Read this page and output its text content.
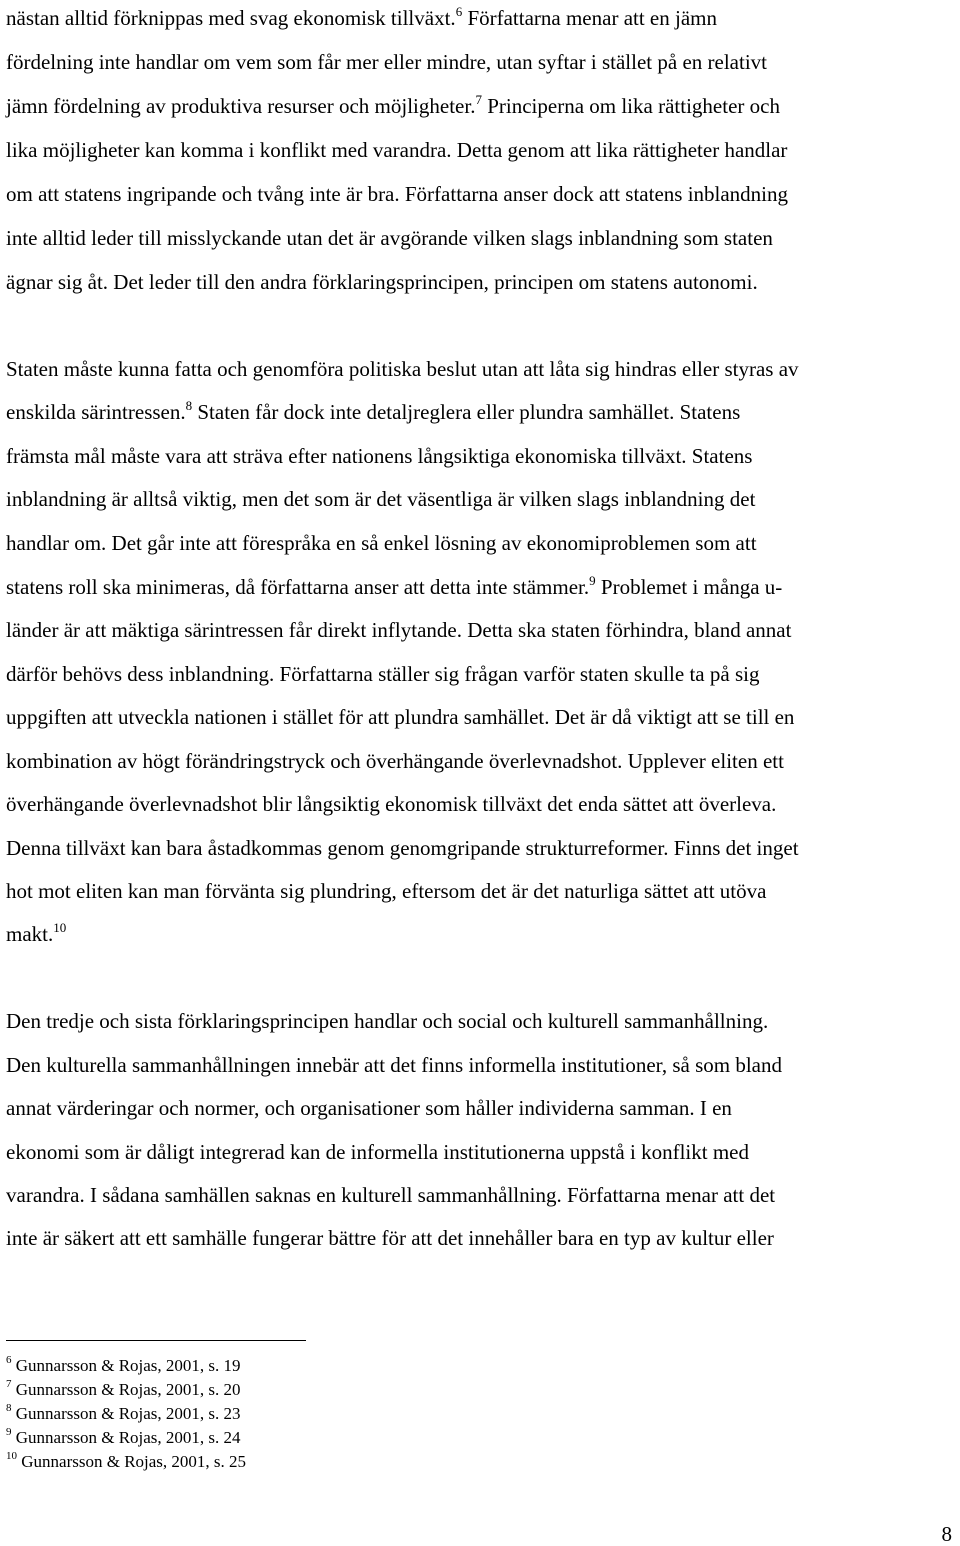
nästan alltid förknippas med svag ekonomisk tillväxt.$^6$ Författarna menar att en jämn
fördelning inte handlar om vem som får mer eller mindre, utan syftar i stället på en relativt
jämn fördelning av produktiva resurser och möjligheter.$^7$ Principerna om lika rättigheter och
lika möjligheter kan komma i konflikt med varandra. Detta genom att lika rättigheter handlar
om att statens ingripande och tvång inte är bra. Författarna anser dock att statens inblandning
inte alltid leder till misslyckande utan det är avgörande vilken slags inblandning som staten
ägnar sig åt. Det leder till den andra förklaringsprincipen, principen om statens autonomi.
Staten måste kunna fatta och genomföra politiska beslut utan att låta sig hindras eller styras av
enskilda särintressen.$^8$ Staten får dock inte detaljreglera eller plundra samhället. Statens
främsta mål måste vara att sträva efter nationens långsiktiga ekonomiska tillväxt. Statens
inblandning är alltså viktig, men det som är det väsentliga är vilken slags inblandning det
handlar om. Det går inte att förespråka en så enkel lösning av ekonomiproblemen som att
statens roll ska minimeras, då författarna anser att detta inte stämmer.$^9$ Problemet i många u-
länder är att mäktiga särintressen får direkt inflytande. Detta ska staten förhindra, bland annat
därför behövs dess inblandning. Författarna ställer sig frågan varför staten skulle ta på sig
uppgiften att utveckla nationen i stället för att plundra samhället. Det är då viktigt att se till en
kombination av högt förändringstryck och överhängande överlevnadshot. Upplever eliten ett
överhängande överlevnadshot blir långsiktig ekonomisk tillväxt det enda sättet att överleva.
Denna tillväxt kan bara åstadkommas genom genomgripande strukturreformer. Finns det inget
hot mot eliten kan man förvänta sig plundring, eftersom det är det naturliga sättet att utöva
makt.$^{10}$
Den tredje och sista förklaringsprincipen handlar och social och kulturell sammanhållning.
Den kulturella sammanhållningen innebär att det finns informella institutioner, så som bland
annat värderingar och normer, och organisationer som håller individerna samman. I en
ekonomi som är dåligt integrerad kan de informella institutionerna uppstå i konflikt med
varandra. I sådana samhällen saknas en kulturell sammanhållning. Författarna menar att det
inte är säkert att ett samhälle fungerar bättre för att det innehåller bara en typ av kultur eller
$^6$ Gunnarsson & Rojas, 2001, s. 19
$^7$ Gunnarsson & Rojas, 2001, s. 20
$^8$ Gunnarsson & Rojas, 2001, s. 23
$^9$ Gunnarsson & Rojas, 2001, s. 24
$^{10}$ Gunnarsson & Rojas, 2001, s. 25
8
